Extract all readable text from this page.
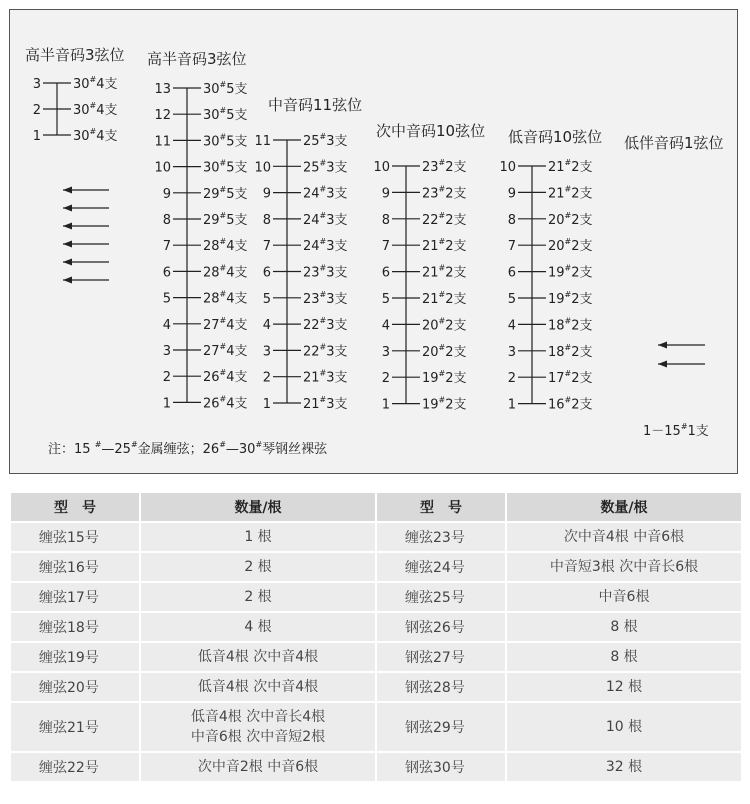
高半音码3弦位
3 30#4支
2 30#4支
1 30#4支
高半音码3弦位
13 30#5支
12 30#5支
11 30#5支
10 30#5支
9 29#5支
8 29#5支
7 28#4支
6 28#4支
5 28#4支
4 27#4支
3 27#4支
2 26#4支
1 26#4支
中音码11弦位
11 25#3支
10 25#3支
9 24#3支
8 24#3支
7 24#3支
6 23#3支
5 23#3支
4 22#3支
3 22#3支
2 21#3支
1 21#3支
次中音码10弦位
10 23#2支
9 23#2支
8 22#2支
7 21#2支
6 21#2支
5 21#2支
4 20#2支
3 20#2支
2 19#2支
1 19#2支
低音码10弦位
10 21#2支
9 21#2支
8 20#2支
7 20#2支
6 19#2支
5 19#2支
4 18#2支
3 18#2支
2 17#2支
1 16#2支
低伴音码1弦位
1－15#1支
注：15 #—25#金属缠弦；26#—30#琴钢丝裸弦
型　号	数量/根	型　号	数量/根
缠弦15号	1 根	缠弦23号	次中音4根 中音6根

缠弦16号	2 根	缠弦24号	中音短3根 次中音长6根

缠弦17号	2 根	缠弦25号	中音6根

缠弦18号	4 根	钢弦26号	8 根

缠弦19号	低音4根 次中音4根	钢弦27号	8 根

缠弦20号	低音4根 次中音4根	钢弦28号	12 根

缠弦21号	低音4根 次中音长4根
中音6根 次中音短2根	钢弦29号	10 根

缠弦22号	次中音2根 中音6根	钢弦30号	32 根
